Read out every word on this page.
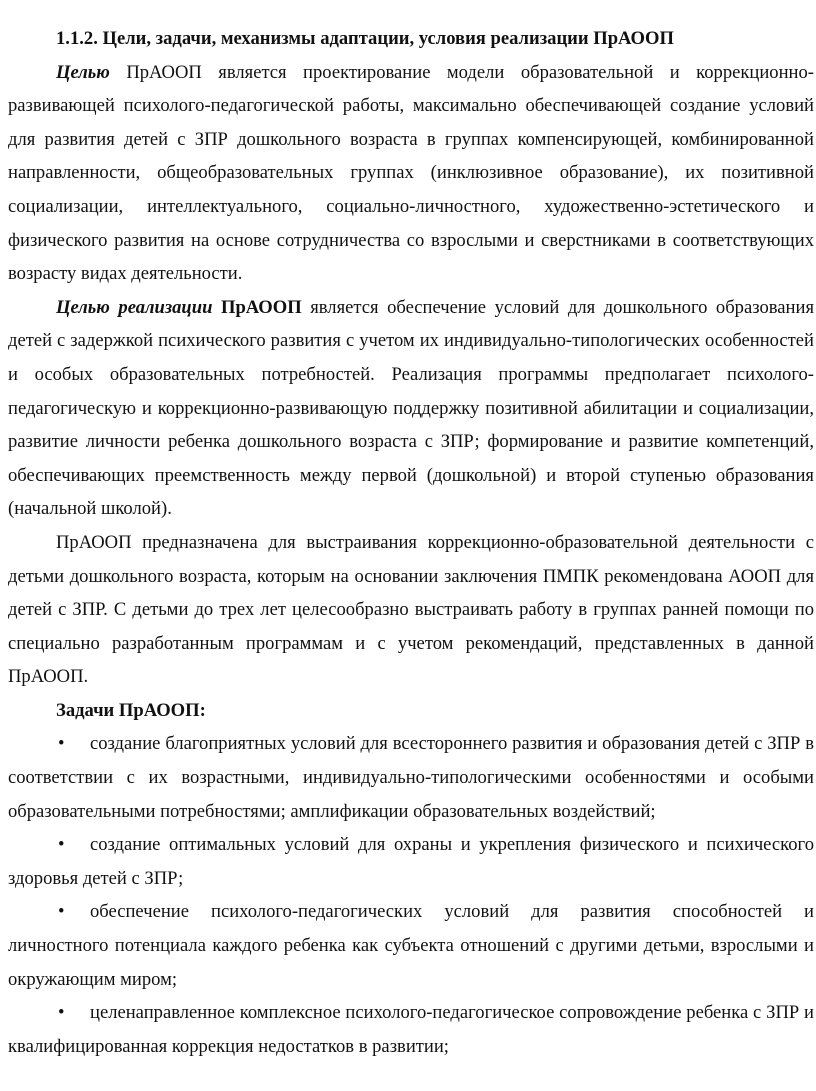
1.1.2. Цели, задачи, механизмы адаптации, условия реализации ПрАООП

Целью ПрАООП является проектирование модели образовательной и коррекционно-развивающей психолого-педагогической работы, максимально обеспечивающей создание условий для развития детей с ЗПР дошкольного возраста в группах компенсирующей, комбинированной направленности, общеобразовательных группах (инклюзивное образование), их позитивной социализации, интеллектуального, социально-личностного, художественно-эстетического и физического развития на основе сотрудничества со взрослыми и сверстниками в соответствующих возрасту видах деятельности.

Целью реализации ПрАООП является обеспечение условий для дошкольного образования детей с задержкой психического развития с учетом их индивидуально-типологических особенностей и особых образовательных потребностей. Реализация программы предполагает психолого-педагогическую и коррекционно-развивающую поддержку позитивной абилитации и социализации, развитие личности ребенка дошкольного возраста с ЗПР; формирование и развитие компетенций, обеспечивающих преемственность между первой (дошкольной) и второй ступенью образования (начальной школой).

ПрАООП предназначена для выстраивания коррекционно-образовательной деятельности с детьми дошкольного возраста, которым на основании заключения ПМПК рекомендована АООП для детей с ЗПР. С детьми до трех лет целесообразно выстраивать работу в группах ранней помощи по специально разработанным программам и с учетом рекомендаций, представленных в данной ПрАООП.

Задачи ПрАООП:

• создание благоприятных условий для всестороннего развития и образования детей с ЗПР в соответствии с их возрастными, индивидуально-типологическими особенностями и особыми образовательными потребностями; амплификации образовательных воздействий;

• создание оптимальных условий для охраны и укрепления физического и психического здоровья детей с ЗПР;

• обеспечение психолого-педагогических условий для развития способностей и личностного потенциала каждого ребенка как субъекта отношений с другими детьми, взрослыми и окружающим миром;

• целенаправленное комплексное психолого-педагогическое сопровождение ребенка с ЗПР и квалифицированная коррекция недостатков в развитии;
